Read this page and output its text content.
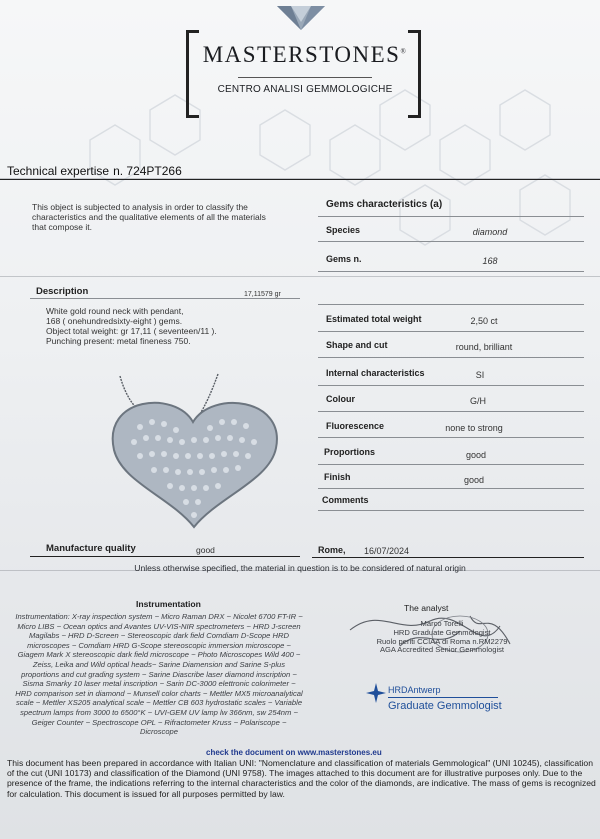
MASTERSTONES®
CENTRO ANALISI GEMMOLOGICHE
Technical expertise n. 724PT266
This object is subjected to analysis in order to classify the characteristics and the qualitative elements of all the materials that compose it.
Gems characteristics (a)
Species	diamond
Gems n.	168
Description	17,11579 gr
White gold round neck with pendant,
168 ( onehundredsixty-eight ) gems.
Object total weight: gr 17,11 ( seventeen/11 ).
Punching present: metal fineness 750.
Estimated total weight	2,50 ct
Shape and cut	round, brilliant
Internal characteristics	SI
Colour	G/H
Fluorescence	none to strong
Proportions	good
Finish	good
Comments
Manufacture quality	good	Rome, 16/07/2024
Unless otherwise specified, the material in question is to be considered of natural origin
Instrumentation
Instrumentation: X-ray inspection system ~ Micro Raman DRX ~ Nicolet 6700 FT-IR ~ Micro LIBS ~ Ocean optics and Avantes UV-VIS-NIR spectrometers ~ HRD J-screen Magilabs ~ HRD D-Screen ~ Stereoscopic dark field Comdiam D-Scope HRD microscopes ~ Comdiam HRD G-Scope stereoscopic immersion microscope ~ Giagem Mark X stereoscopic dark field microscope ~ Photo Microscopes Wild 400 ~ Zeiss, Leika and Wild optical heads~ Sarine Diamension and Sarine S-plus proportions and cut grading system ~ Sarine Diascribe laser diamond inscription ~ Sisma Smarky 10 laser metal inscription ~ Sarin DC-3000 elettronic colorimeter ~ HRD comparison set in diamond ~ Munsell color charts ~ Mettler MX5 microanalytical scale ~ Mettler XS205 analytical scale ~ Mettler CB 603 hydrostatic scales ~ Variable spectrum lamps from 3000 to 6500°K ~ UVI-GEM UV lamp lw 366nm, sw 254nm ~ Geiger Counter ~ Spectroscope OPL ~ Rifractometer Kruss ~ Polariscope ~ Dicroscope
The analyst
Marco Torelli
HRD Graduate Gemmologist
Ruolo periti CCIAA di Roma n.RM2279
AGA Accredited Senior Gemmologist
HRDAntwerp
Graduate Gemmologist
check the document on www.masterstones.eu
This document has been prepared in accordance with Italian UNI: "Nomenclature and classification of materials Gemmological" (UNI 10245), classification of the cut (UNI 10173) and classification of the Diamond (UNI 9758). The images attached to this document are for illustrative purposes only. Due to the presence of the frame, the indications referring to the internal characteristics and the color of the diamonds, are indicative. The mass of gems is recognized for calculation. This document is issued for all purposes permitted by law.
